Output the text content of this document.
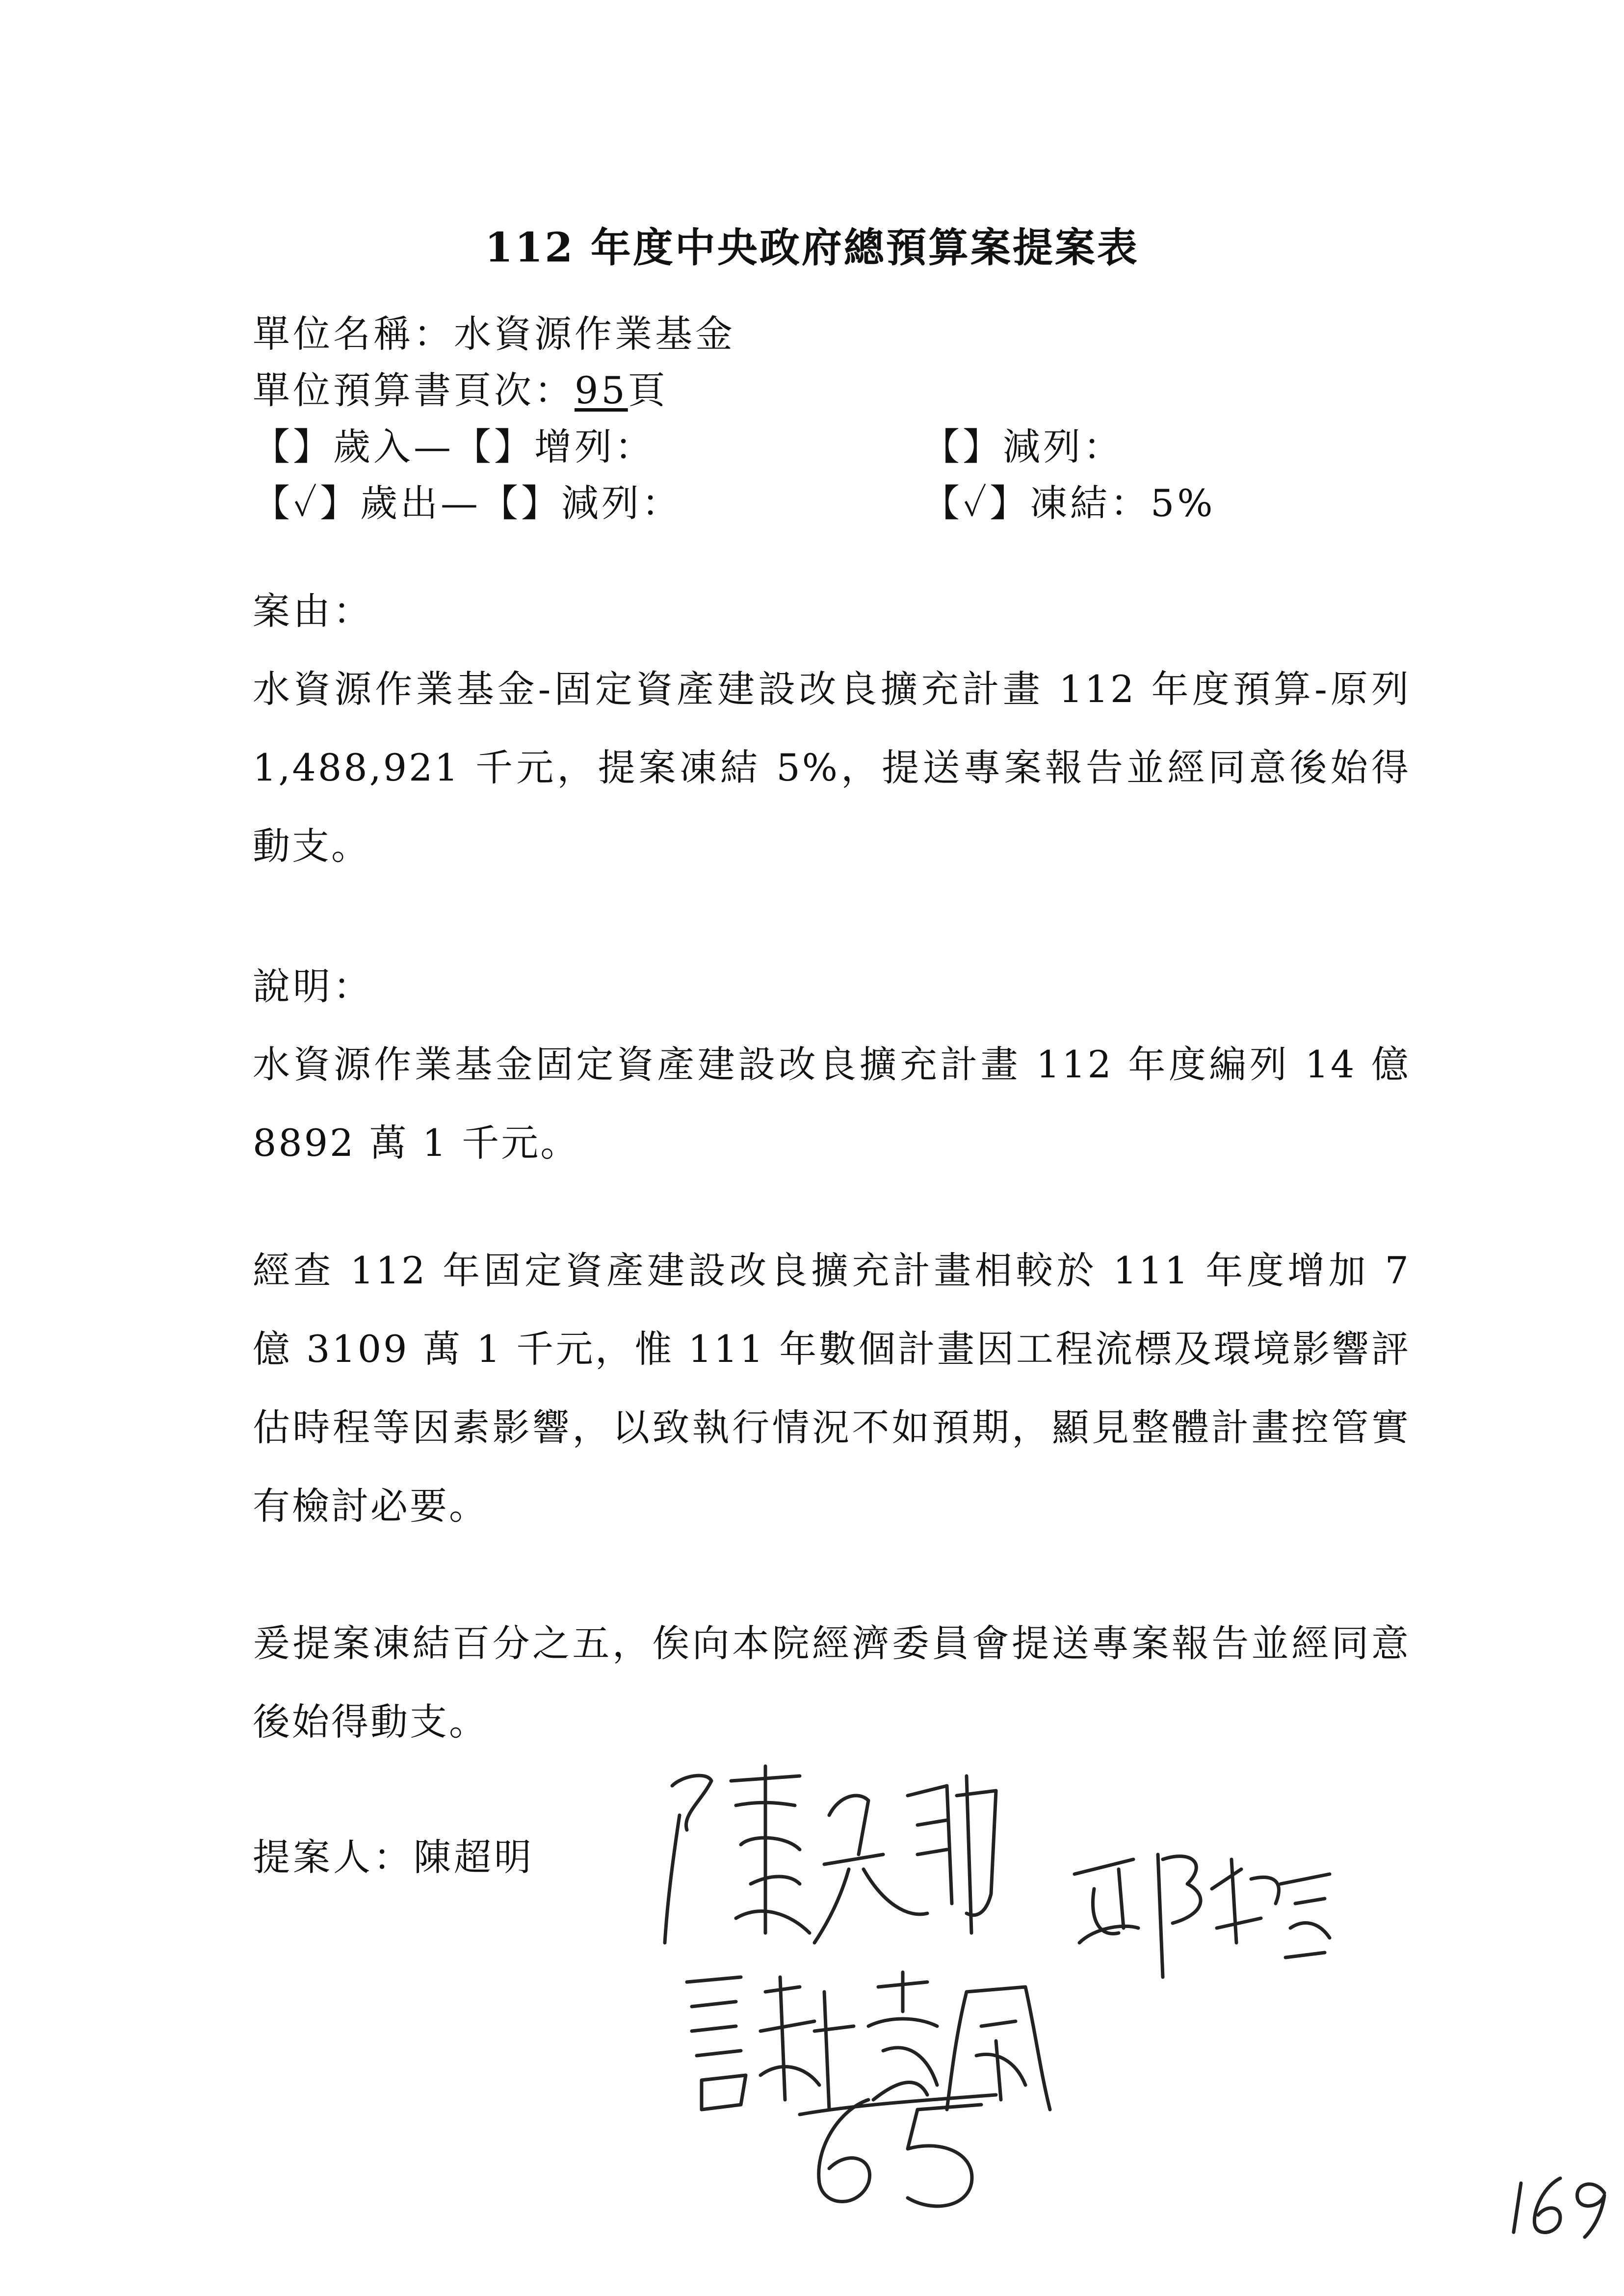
112 年度中央政府總預算案提案表
單位名稱：水資源作業基金
單位預算書頁次：95頁
【】歲入—【】增列：	【】減列：
【✓】歲出—【】減列：	【✓】凍結：5%
案由：
水資源作業基金-固定資產建設改良擴充計畫 112 年度預算-原列 1,488,921 千元，提案凍結 5%，提送專案報告並經同意後始得動支。
說明：
水資源作業基金固定資產建設改良擴充計畫 112 年度編列 14 億 8892 萬 1 千元。
經查 112 年固定資產建設改良擴充計畫相較於 111 年度增加 7 億 3109 萬 1 千元，惟 111 年數個計畫因工程流標及環境影響評估時程等因素影響，以致執行情況不如預期，顯見整體計畫控管實有檢討必要。
爰提案凍結百分之五，俟向本院經濟委員會提送專案報告並經同意後始得動支。
提案人：陳超明
